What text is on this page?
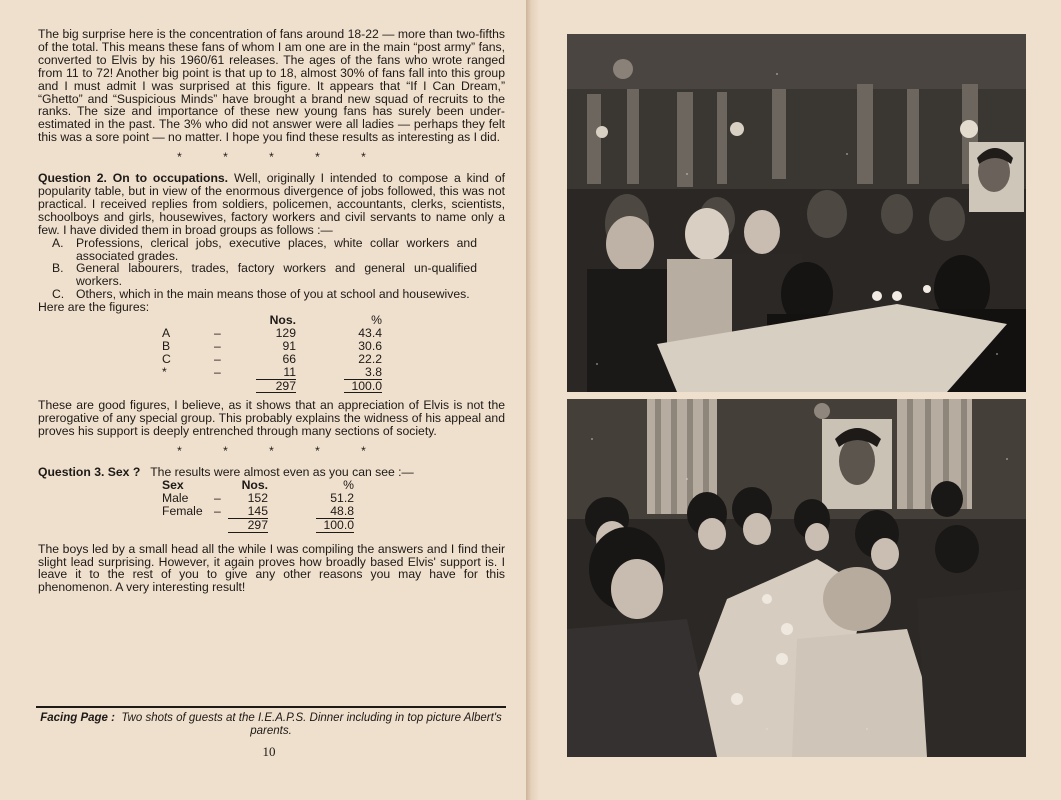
The big surprise here is the concentration of fans around 18-22 — more than two-fifths of the total. This means these fans of whom I am one are in the main “post army” fans, converted to Elvis by his 1960/61 releases. The ages of the fans who wrote ranged from 11 to 72! Another big point is that up to 18, almost 30% of fans fall into this group and I must admit I was surprised at this figure. It appears that “If I Can Dream,” “Ghetto” and “Suspicious Minds” have brought a brand new squad of recruits to the ranks. The size and importance of these new young fans has surely been under-estimated in the past. The 3% who did not answer were all ladies — perhaps they felt this was a sore point — no matter. I hope you find these results as interesting as I did.

*	*	*	*	*

Question 2. On to occupations. Well, originally I intended to compose a kind of popularity table, but in view of the enormous divergence of jobs followed, this was not practical. I received replies from soldiers, policemen, accountants, clerks, scientists, schoolboys and girls, housewives, factory workers and civil servants to name only a few. I have divided them in broad groups as follows :—

A.	Professions, clerical jobs, executive places, white collar workers and associated grades.
B.	General labourers, trades, factory workers and general un-qualified workers.
C. Others, which in the main means those of you at school and housewives.

Here are the figures:

		Nos.		%
A	–	129		43.4
B	–	91		30.6
C	–	66		22.2
*	–	11		3.8
		297		100.0

These are good figures, I believe, as it shows that an appreciation of Elvis is not the prerogative of any special group. This probably explains the widness of his appeal and proves his support is deeply entrenched through many sections of society.

*	*	*	*	*

Question 3. Sex ? The results were almost even as you can see :—

Sex		Nos.		%
Male	–	152		51.2
Female	–	145		48.8
		297		100.0

The boys led by a small head all the while I was compiling the answers and I find their slight lead surprising. However, it again proves how broadly based Elvis' support is. I leave it to the rest of you to give any other reasons you may have for this phenomenon. A very interesting result!

Facing Page : Two shots of guests at the I.E.A.P.S. Dinner including in top picture Albert's parents.
10
